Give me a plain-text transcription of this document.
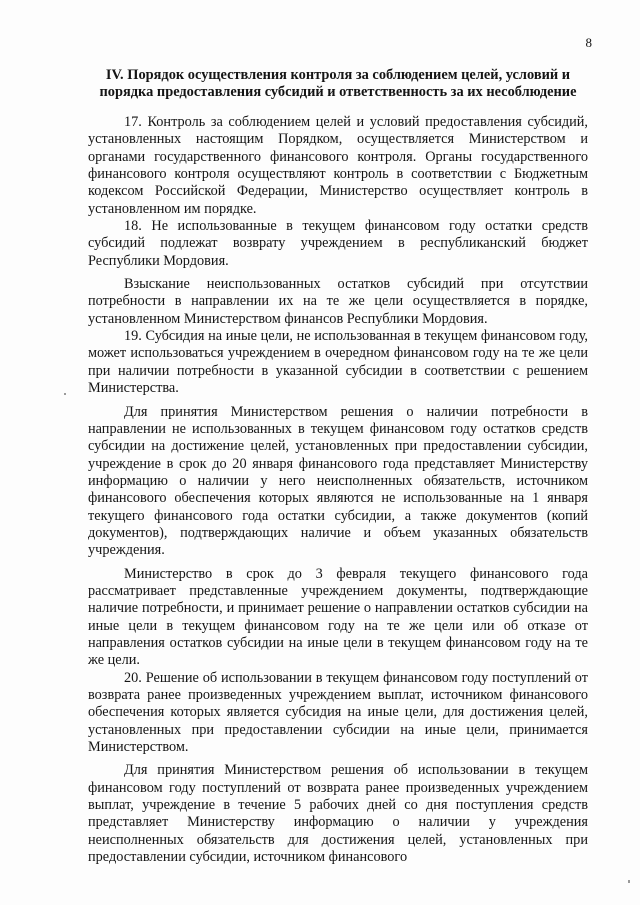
8
IV. Порядок осуществления контроля за соблюдением целей, условий и порядка предоставления субсидий и ответственность за их несоблюдение

17. Контроль за соблюдением целей и условий предоставления субсидий, установленных настоящим Порядком, осуществляется Министерством и органами государственного финансового контроля. Органы государственного финансового контроля осуществляют контроль в соответствии с Бюджетным кодексом Российской Федерации, Министерство осуществляет контроль в установленном им порядке.

18. Не использованные в текущем финансовом году остатки средств субсидий подлежат возврату учреждением в республиканский бюджет Республики Мордовия.

Взыскание неиспользованных остатков субсидий при отсутствии потребности в направлении их на те же цели осуществляется в порядке, установленном Министерством финансов Республики Мордовия.

19. Субсидия на иные цели, не использованная в текущем финансовом году, может использоваться учреждением в очередном финансовом году на те же цели при наличии потребности в указанной субсидии в соответствии с решением Министерства.

Для принятия Министерством решения о наличии потребности в направлении не использованных в текущем финансовом году остатков средств субсидии на достижение целей, установленных при предоставлении субсидии, учреждение в срок до 20 января финансового года представляет Министерству информацию о наличии у него неисполненных обязательств, источником финансового обеспечения которых являются не использованные на 1 января текущего финансового года остатки субсидии, а также документов (копий документов), подтверждающих наличие и объем указанных обязательств учреждения.

Министерство в срок до 3 февраля текущего финансового года рассматривает представленные учреждением документы, подтверждающие наличие потребности, и принимает решение о направлении остатков субсидии на иные цели в текущем финансовом году на те же цели или об отказе от направления остатков субсидии на иные цели в текущем финансовом году на те же цели.

20. Решение об использовании в текущем финансовом году поступлений от возврата ранее произведенных учреждением выплат, источником финансового обеспечения которых является субсидия на иные цели, для достижения целей, установленных при предоставлении субсидии на иные цели, принимается Министерством.

Для принятия Министерством решения об использовании в текущем финансовом году поступлений от возврата ранее произведенных учреждением выплат, учреждение в течение 5 рабочих дней со дня поступления средств представляет Министерству информацию о наличии у учреждения неисполненных обязательств для достижения целей, установленных при предоставлении субсидии, источником финансового
